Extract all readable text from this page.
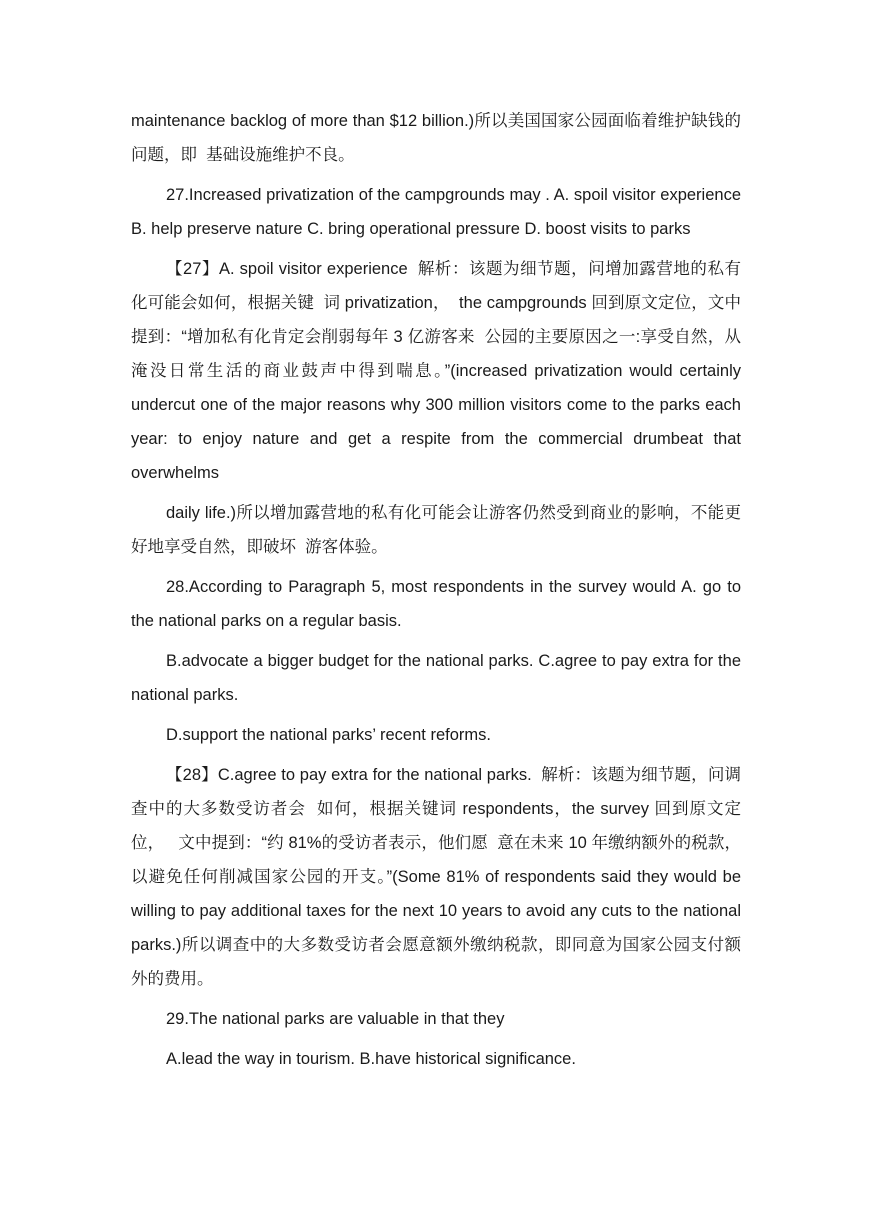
maintenance backlog of more than $12 billion.)所以美国国家公园面临着维护缺钱的问题，即  基础设施维护不良。

27.Increased privatization of the campgrounds may . A. spoil visitor experience B. help preserve nature C. bring operational pressure D. boost visits to parks

【27】A. spoil visitor experience  解析：该题为细节题，问增加露营地的私有化可能会如何，根据关键  词 privatization，  the campgrounds 回到原文定位，文中提到：“增加私有化肯定会削弱每年 3 亿游客来  公园的主要原因之一:享受自然，从淹没日常生活的商业鼓声中得到喘息。”(increased privatization would certainly undercut one of the major reasons why 300 million visitors come to the parks each year: to enjoy nature and get a respite from the commercial drumbeat that overwhelms

daily life.)所以增加露营地的私有化可能会让游客仍然受到商业的影响，不能更好地享受自然，即破坏  游客体验。

28.According to Paragraph 5, most respondents in the survey would A. go to the national parks on a regular basis.

B.advocate a bigger budget for the national parks. C.agree to pay extra for the national parks.

D.support the national parks’ recent reforms.

【28】C.agree to pay extra for the national parks.  解析：该题为细节题，问调查中的大多数受访者会  如何，根据关键词 respondents，the survey 回到原文定位，   文中提到：“约 81%的受访者表示，他们愿  意在未来 10 年缴纳额外的税款，以避免任何削减国家公园的开支。”(Some 81% of respondents said they would be willing to pay additional taxes for the next 10 years to avoid any cuts to the national parks.)所以调查中的大多数受访者会愿意额外缴纳税款，即同意为国家公园支付额外的费用。

29.The national parks are valuable in that they

A.lead the way in tourism. B.have historical significance.
